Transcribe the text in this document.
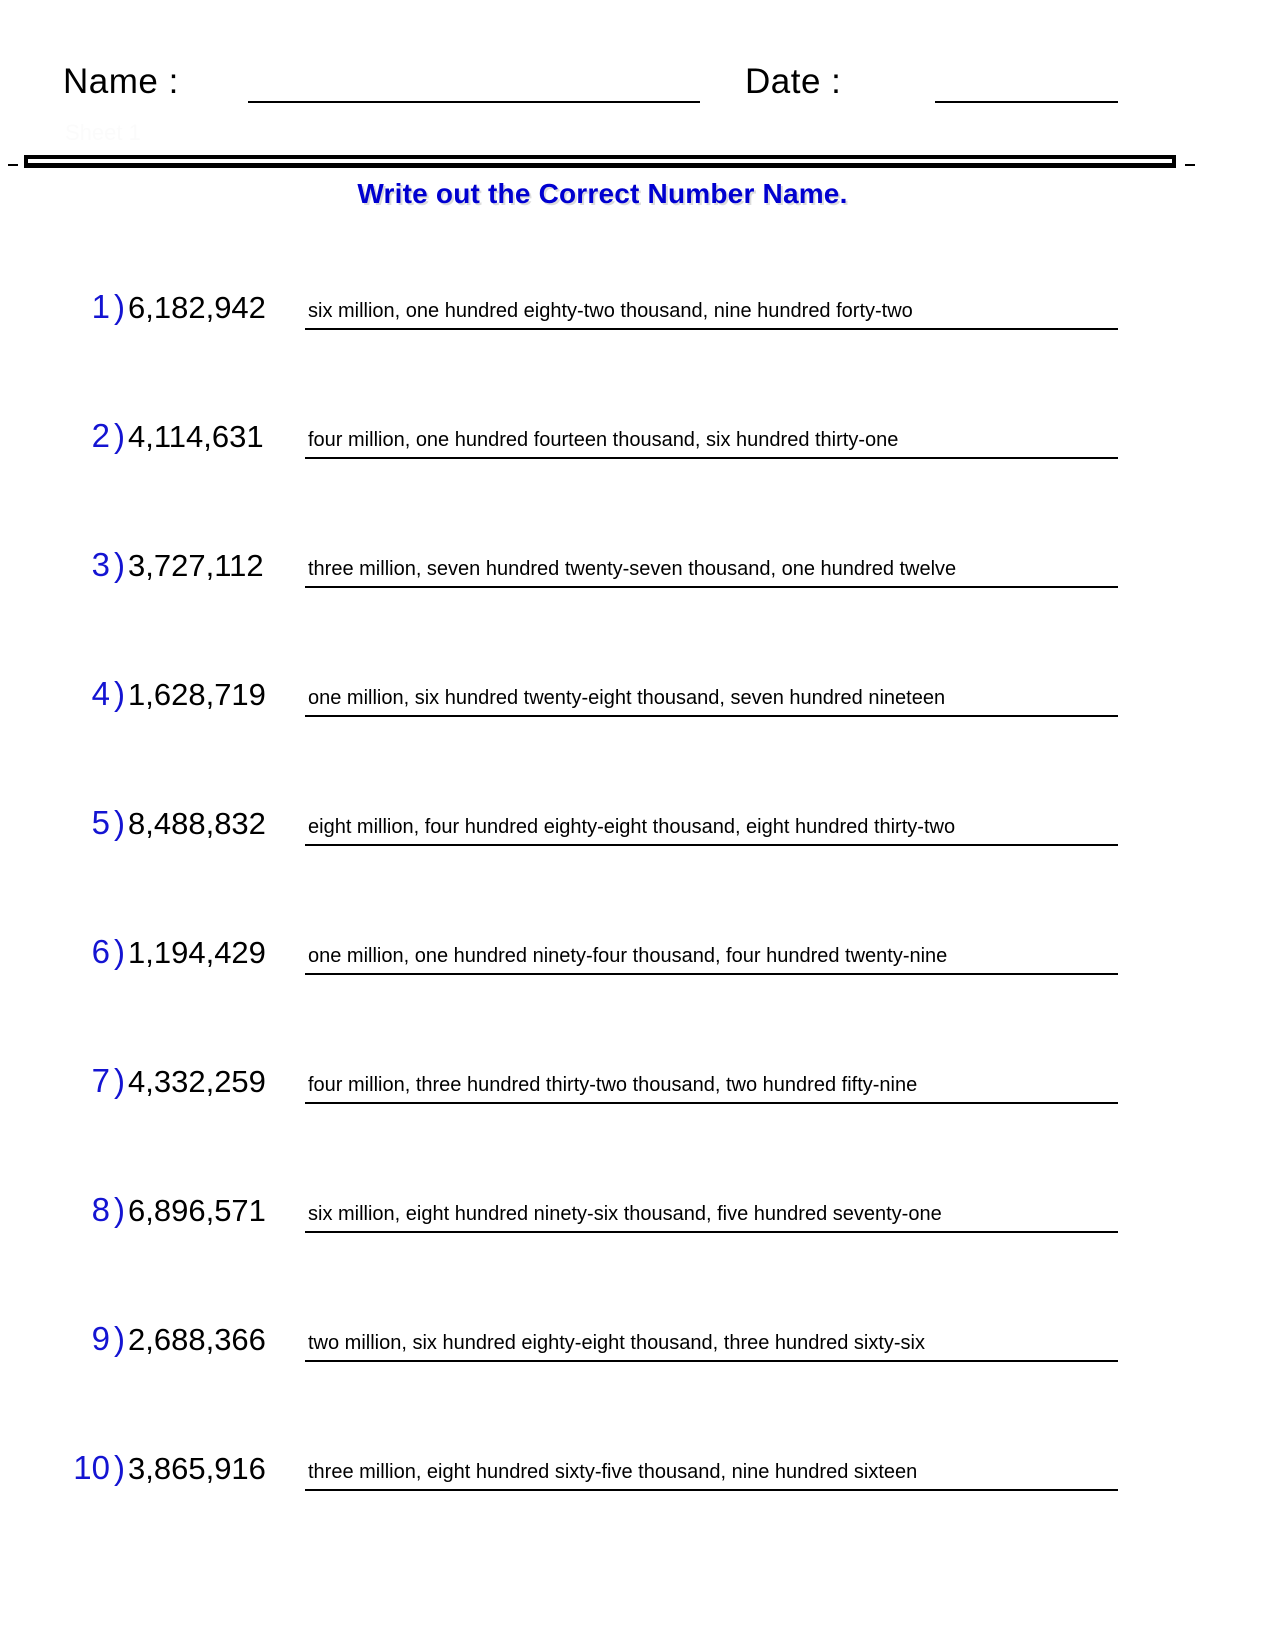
Name :	Date :
Sheet 1
Write out the Correct Number Name.
1 ) 6,182,942	six million, one hundred eighty-two thousand, nine hundred forty-two
2 ) 4,114,631	four million, one hundred fourteen thousand, six hundred thirty-one
3 ) 3,727,112	three million, seven hundred twenty-seven thousand, one hundred twelve
4 ) 1,628,719	one million, six hundred twenty-eight thousand, seven hundred nineteen
5 ) 8,488,832	eight million, four hundred eighty-eight thousand, eight hundred thirty-two
6 ) 1,194,429	one million, one hundred ninety-four thousand, four hundred twenty-nine
7 ) 4,332,259	four million, three hundred thirty-two thousand, two hundred fifty-nine
8 ) 6,896,571	six million, eight hundred ninety-six thousand, five hundred seventy-one
9 ) 2,688,366	two million, six hundred eighty-eight thousand, three hundred sixty-six
10 ) 3,865,916	three million, eight hundred sixty-five thousand, nine hundred sixteen
